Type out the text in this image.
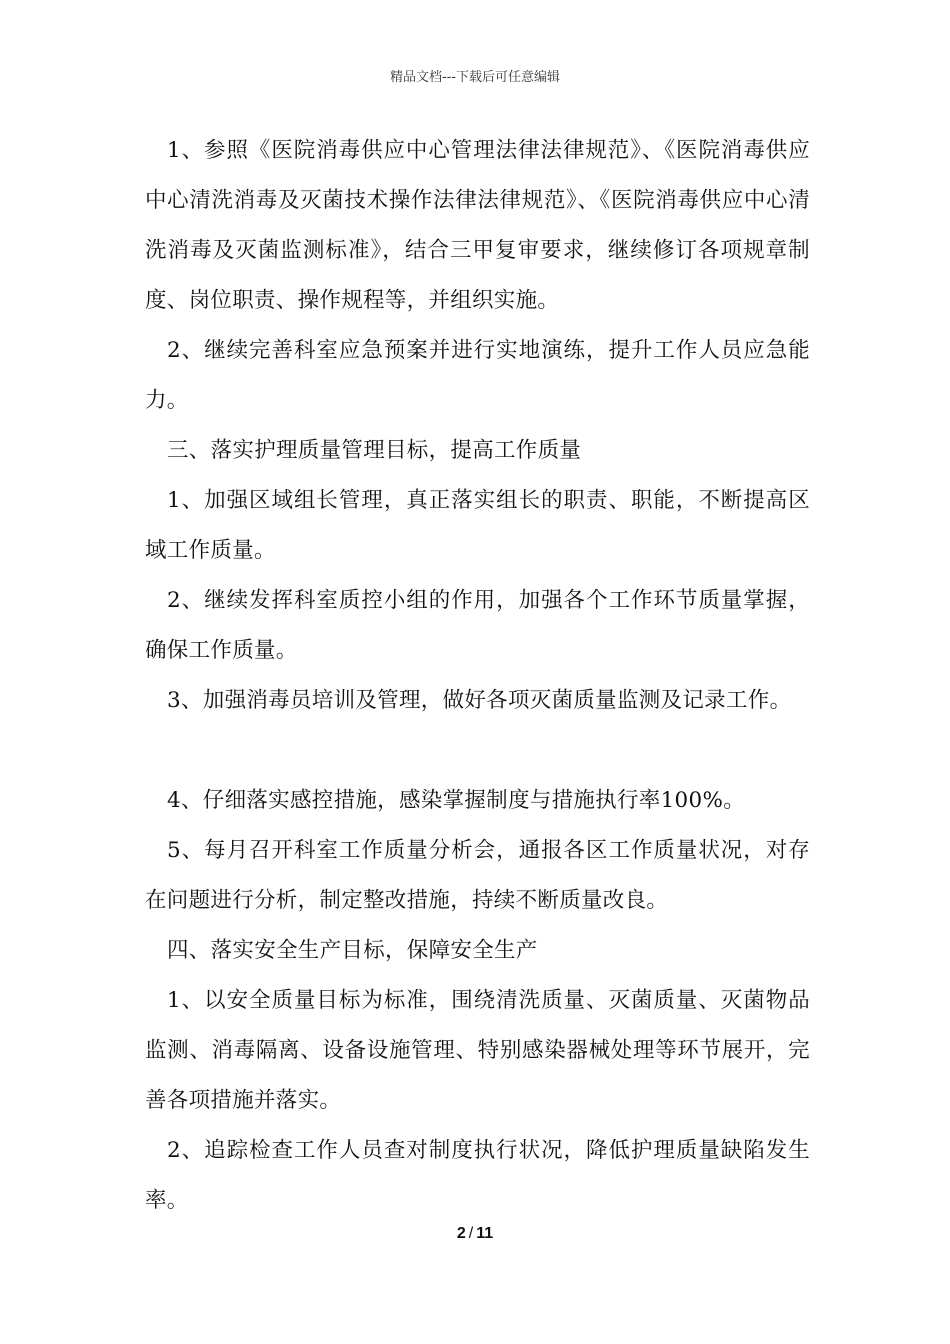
精品文档---下载后可任意编辑

1、参照《医院消毒供应中心管理法律法律规范》、《医院消毒供应中心清洗消毒及灭菌技术操作法律法律规范》、《医院消毒供应中心清洗消毒及灭菌监测标准》，结合三甲复审要求，继续修订各项规章制度、岗位职责、操作规程等，并组织实施。

2、继续完善科室应急预案并进行实地演练，提升工作人员应急能力。

三、落实护理质量管理目标，提高工作质量

1、加强区域组长管理，真正落实组长的职责、职能，不断提高区域工作质量。

2、继续发挥科室质控小组的作用，加强各个工作环节质量掌握，确保工作质量。

3、加强消毒员培训及管理，做好各项灭菌质量监测及记录工作。

4、仔细落实感控措施，感染掌握制度与措施执行率100%。

5、每月召开科室工作质量分析会，通报各区工作质量状况，对存在问题进行分析，制定整改措施，持续不断质量改良。

四、落实安全生产目标，保障安全生产

1、以安全质量目标为标准，围绕清洗质量、灭菌质量、灭菌物品监测、消毒隔离、设备设施管理、特别感染器械处理等环节展开，完善各项措施并落实。

2、追踪检查工作人员查对制度执行状况，降低护理质量缺陷发生率。

2 / 11
